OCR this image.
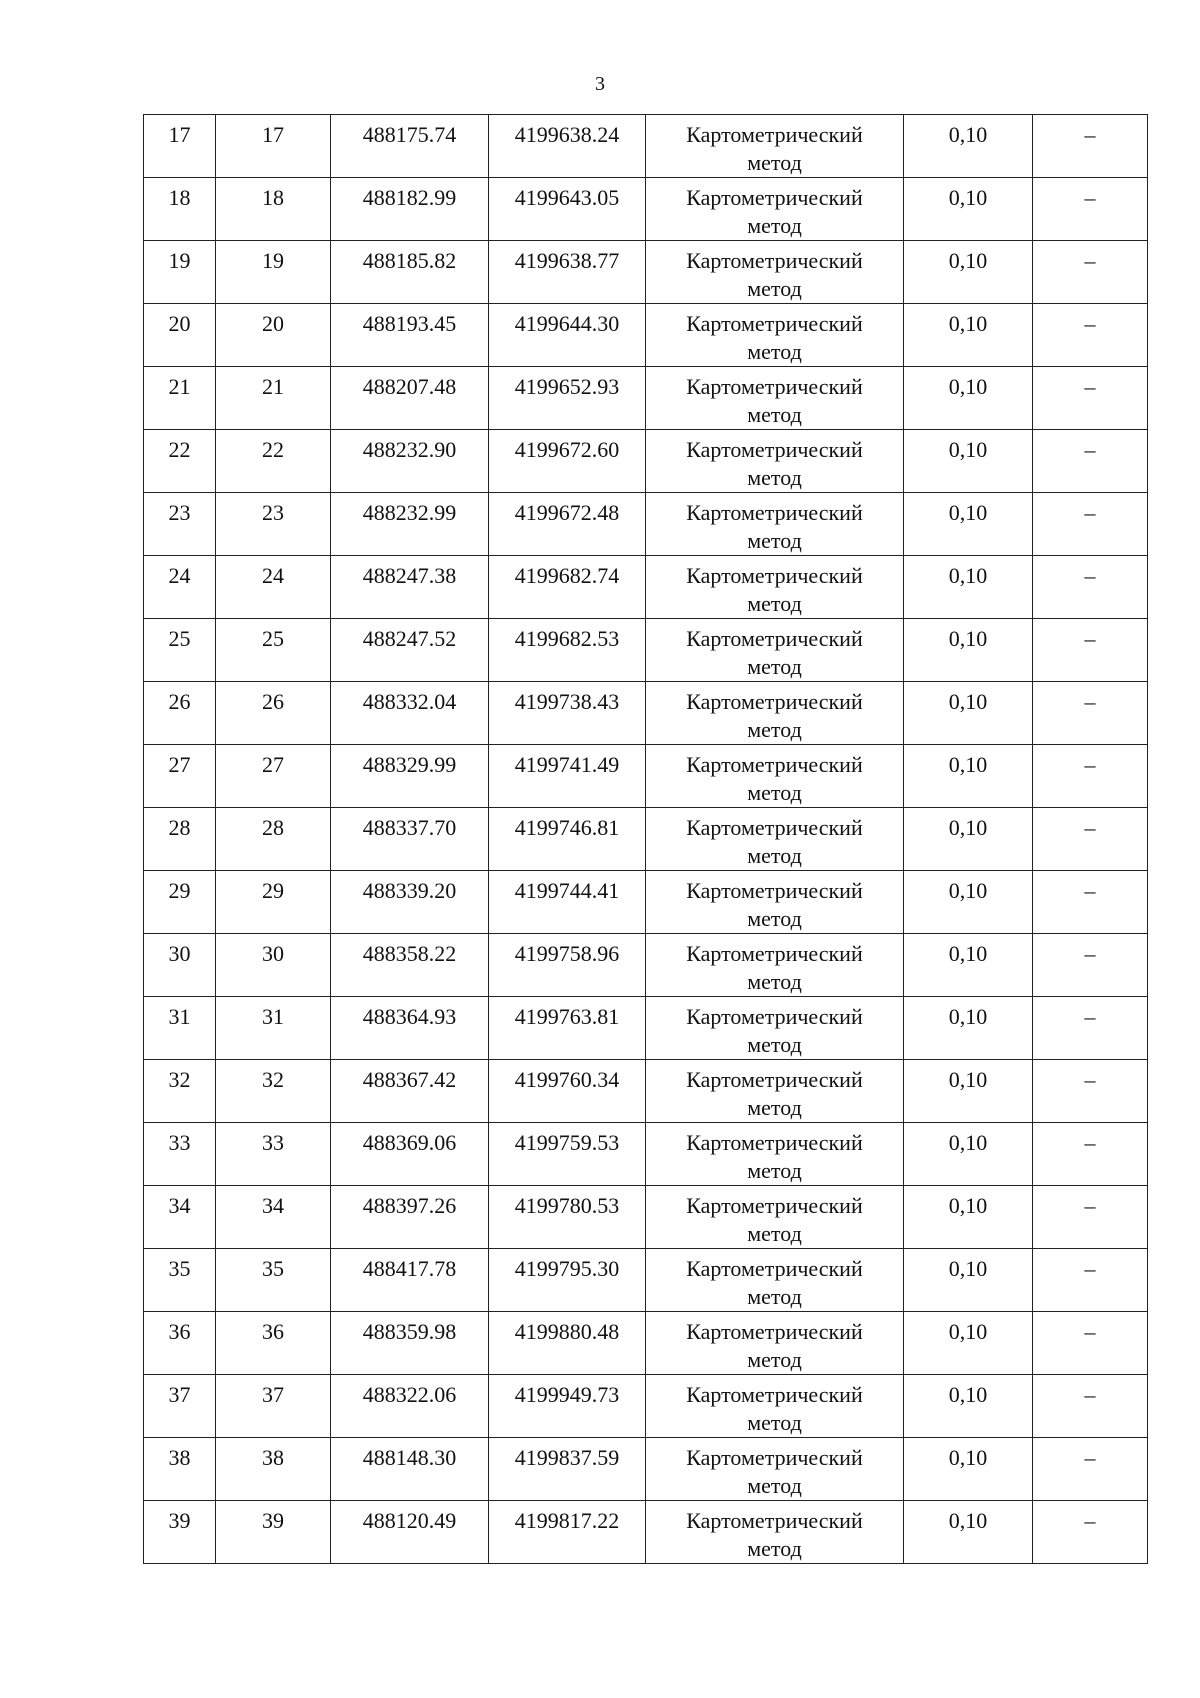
3
17	17	488175.74	4199638.24	Картометрический
метод	0,10	–
18	18	488182.99	4199643.05	Картометрический
метод	0,10	–
19	19	488185.82	4199638.77	Картометрический
метод	0,10	–
20	20	488193.45	4199644.30	Картометрический
метод	0,10	–
21	21	488207.48	4199652.93	Картометрический
метод	0,10	–
22	22	488232.90	4199672.60	Картометрический
метод	0,10	–
23	23	488232.99	4199672.48	Картометрический
метод	0,10	–
24	24	488247.38	4199682.74	Картометрический
метод	0,10	–
25	25	488247.52	4199682.53	Картометрический
метод	0,10	–
26	26	488332.04	4199738.43	Картометрический
метод	0,10	–
27	27	488329.99	4199741.49	Картометрический
метод	0,10	–
28	28	488337.70	4199746.81	Картометрический
метод	0,10	–
29	29	488339.20	4199744.41	Картометрический
метод	0,10	–
30	30	488358.22	4199758.96	Картометрический
метод	0,10	–
31	31	488364.93	4199763.81	Картометрический
метод	0,10	–
32	32	488367.42	4199760.34	Картометрический
метод	0,10	–
33	33	488369.06	4199759.53	Картометрический
метод	0,10	–
34	34	488397.26	4199780.53	Картометрический
метод	0,10	–
35	35	488417.78	4199795.30	Картометрический
метод	0,10	–
36	36	488359.98	4199880.48	Картометрический
метод	0,10	–
37	37	488322.06	4199949.73	Картометрический
метод	0,10	–
38	38	488148.30	4199837.59	Картометрический
метод	0,10	–
39	39	488120.49	4199817.22	Картометрический
метод	0,10	–
